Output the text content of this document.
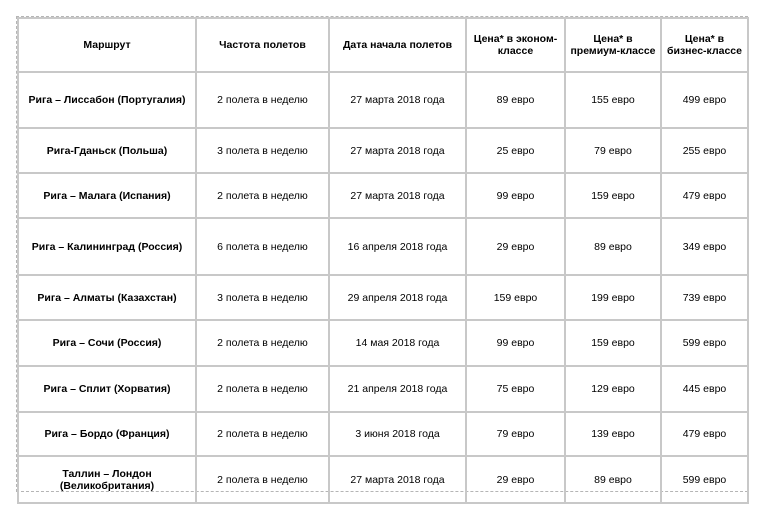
Маршрут	Частота полетов	Дата начала полетов	Цена* в эконом-классе	Цена* в премиум-классе	Цена* в бизнес-классе
Рига – Лиссабон (Португалия)	2 полета в неделю	27 марта 2018 года	89 евро	155 евро	499 евро
Рига-Гданьск (Польша)	3 полета в неделю	27 марта 2018 года	25 евро	79 евро	255 евро
Рига – Малага (Испания)	2 полета в неделю	27 марта 2018 года	99 евро	159 евро	479 евро
Рига – Калининград (Россия)	6 полета в неделю	16 апреля 2018 года	29 евро	89 евро	349 евро
Рига – Алматы (Казахстан)	3 полета в неделю	29 апреля 2018 года	159 евро	199 евро	739 евро
Рига – Сочи (Россия)	2 полета в неделю	14 мая 2018 года	99 евро	159 евро	599 евро
Рига – Сплит (Хорватия)	2 полета в неделю	21 апреля 2018 года	75 евро	129 евро	445 евро
Рига – Бордо (Франция)	2 полета в неделю	3 июня 2018 года	79 евро	139 евро	479 евро
Таллин – Лондон (Великобритания)	2 полета в неделю	27 марта 2018 года	29 евро	89 евро	599 евро
